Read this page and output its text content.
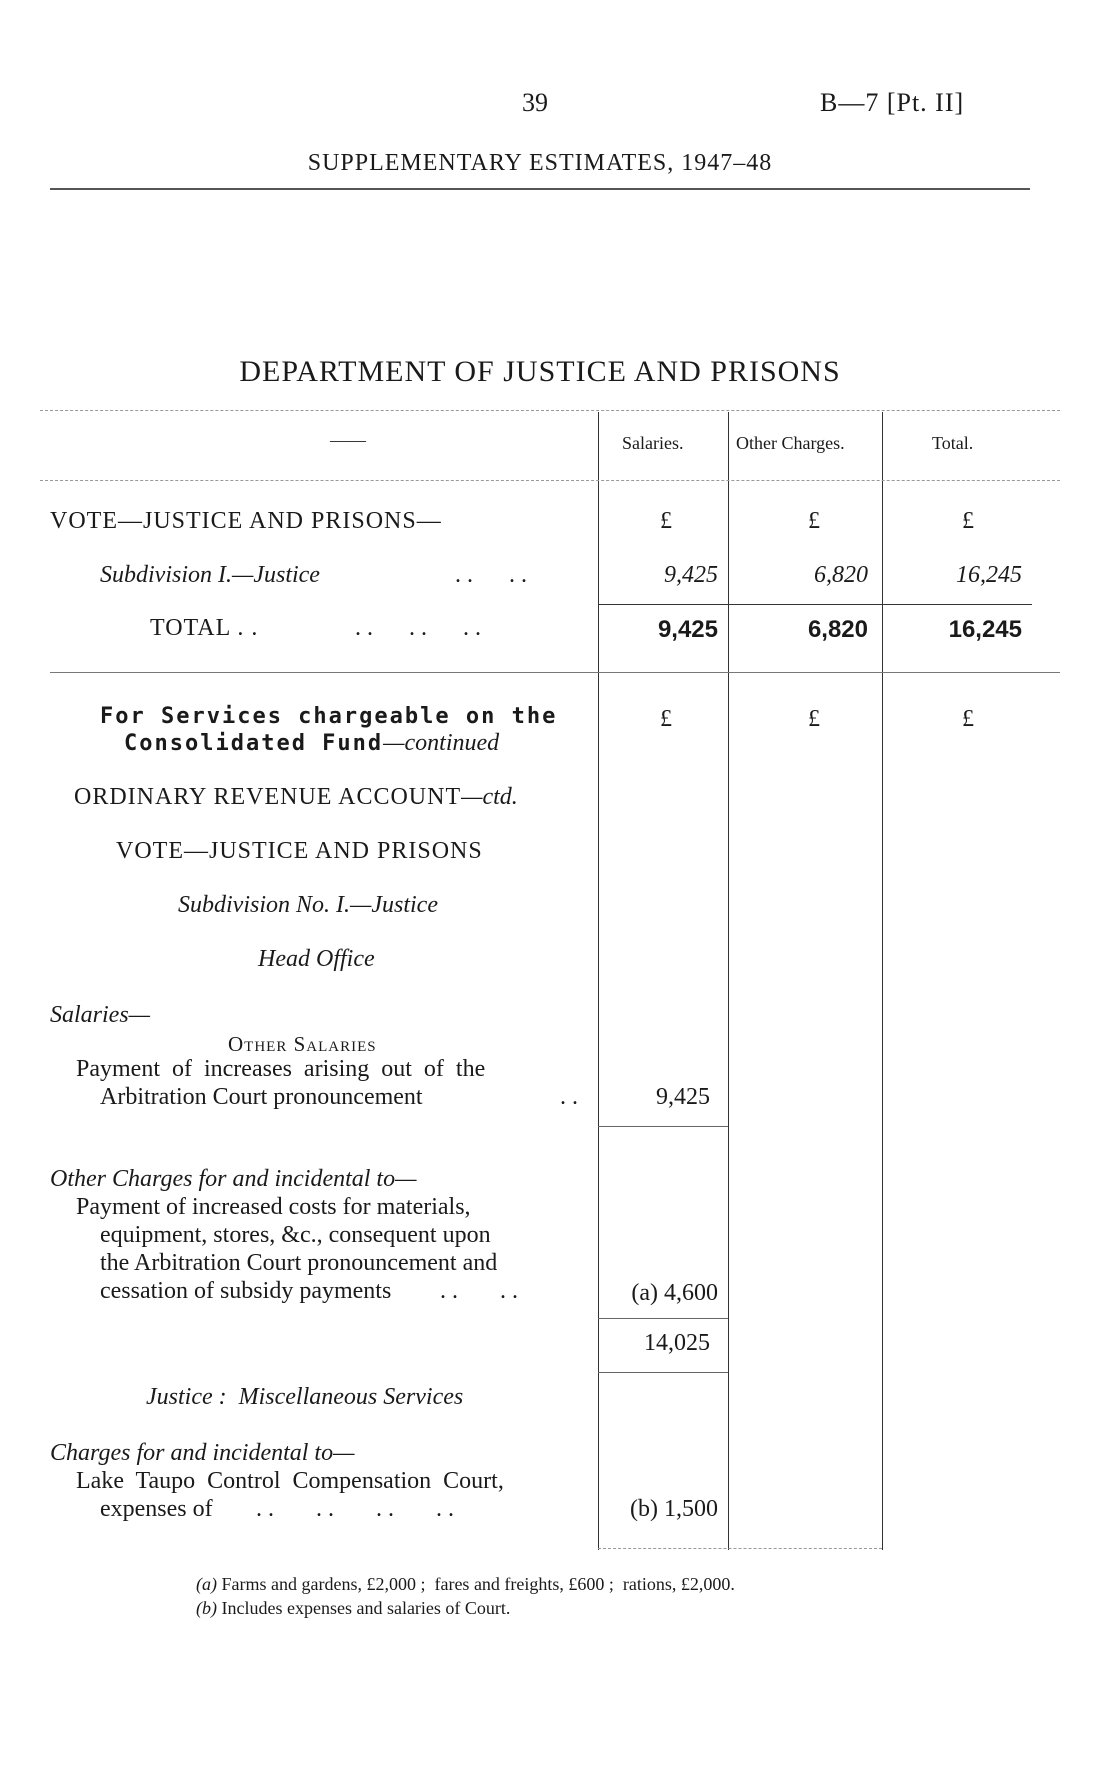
39	B—7 [Pt. II]
SUPPLEMENTARY ESTIMATES, 1947–48
DEPARTMENT OF JUSTICE AND PRISONS
——	Salaries.	Other Charges.	Total.
VOTE—JUSTICE AND PRISONS—	£	£	£
Subdivision I.—Justice	. .      . .	9,425	6,820	16,245
TOTAL . .	. .      . .      . .	9,425	6,820	16,245
For Services chargeable on the
Consolidated Fund—continued
£	£	£
ORDINARY REVENUE ACCOUNT—ctd.
VOTE—JUSTICE AND PRISONS
Subdivision No. I.—Justice
Head Office
Salaries—
Other Salaries
Payment  of  increases  arising  out  of  the
Arbitration Court pronouncement	. .	9,425
Other Charges for and incidental to—
Payment of increased costs for materials,
equipment, stores, &c., consequent upon
the Arbitration Court pronouncement and
cessation of subsidy payments . .       . .	(a) 4,600
14,025
Justice :  Miscellaneous Services
Charges for and incidental to—
Lake  Taupo  Control  Compensation  Court,
expenses of . .       . .       . .       . .	(b) 1,500
(a) Farms and gardens, £2,000 ;  fares and freights, £600 ;  rations, £2,000.
(b) Includes expenses and salaries of Court.
